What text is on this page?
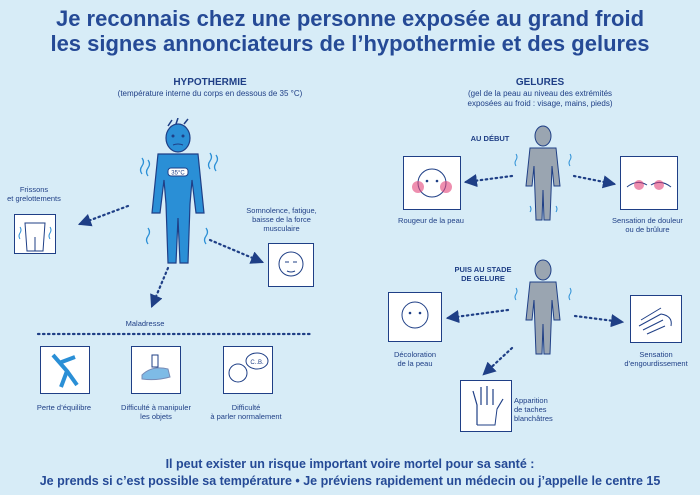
Je reconnais chez une personne exposée au grand froid
les signes annonciateurs de l’hypothermie et des gelures
HYPOTHERMIE
(température interne du corps en dessous de 35 °C)
35°C
Frissons
et grelottements
Somnolence, fatigue,
baisse de la force
musculaire
Maladresse
Perte d’équilibre	Difficulté à manipuler
les objets
C..B.
Difficulté
à parler normalement
GELURES
(gel de la peau au niveau des extrémités
exposées au froid : visage, mains, pieds)
AU DÉBUT
Rougeur de la peau	Sensation de douleur
ou de brûlure
PUIS AU STADE
DE GELURE
Décoloration
de la peau
Sensation
d’engourdissement
Apparition
de taches
blanchâtres
Il peut exister un risque important voire mortel pour sa santé :
Je prends si c’est possible sa température • Je préviens rapidement un médecin ou j’appelle le centre 15
